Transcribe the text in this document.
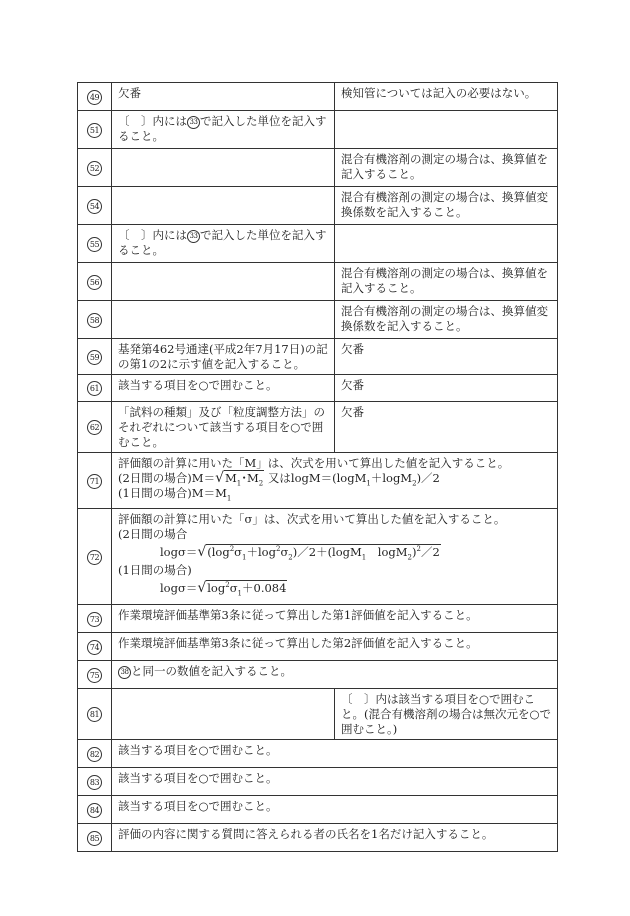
49	欠番	検知管については記入の必要はない。
51	〔　〕内には 33 で記入した単位を記入すること。	
52		混合有機溶剤の測定の場合は、換算値を記入すること。
54		混合有機溶剤の測定の場合は、換算値変換係数を記入すること。
55	〔　〕内には 33 で記入した単位を記入すること。	
56		混合有機溶剤の測定の場合は、換算値を記入すること。
58		混合有機溶剤の測定の場合は、換算値変換係数を記入すること。
59	基発第462号通達(平成2年7月17日)の記の第1の2に示す値を記入すること。	欠番
61	該当する項目を○で囲むこと。	欠番
62	「試料の種類」及び「粒度調整方法」のそれぞれについて該当する項目を○で囲むこと。	欠番
71	評価額の計算に用いた「M」は、次式を用いて算出した値を記入すること。
(2日間の場合)$M=√M_1$･$M_2$ 又はlogM＝(logM$_1$＋logM$_2$)／2
(1日間の場合)$M=M_1$

72	評価額の計算に用いた「σ」は、次式を用いて算出した値を記入すること。
(2日間の場合
$\log\sigma=√(\log^2\sigma_1+\log^2\sigma_2)/2+(\log M_1$　logM$_2$)$^2$／2
(1日間の場合)
$\log\sigma=√\log^2\sigma_1+0.084$	

73	作業環境評価基準第3条に従って算出した第1評価値を記入すること。	
74	作業環境評価基準第3条に従って算出した第2評価値を記入すること。	
75	38 と同一の数値を記入すること。	
81		〔　〕内は該当する項目を○で囲むこと。(混合有機溶剤の場合は無次元を○で囲むこと。)
82	該当する項目を○で囲むこと。	
83	該当する項目を○で囲むこと。	
84	該当する項目を○で囲むこと。	
85	評価の内容に関する質問に答えられる者の氏名を1名だけ記入すること。	
